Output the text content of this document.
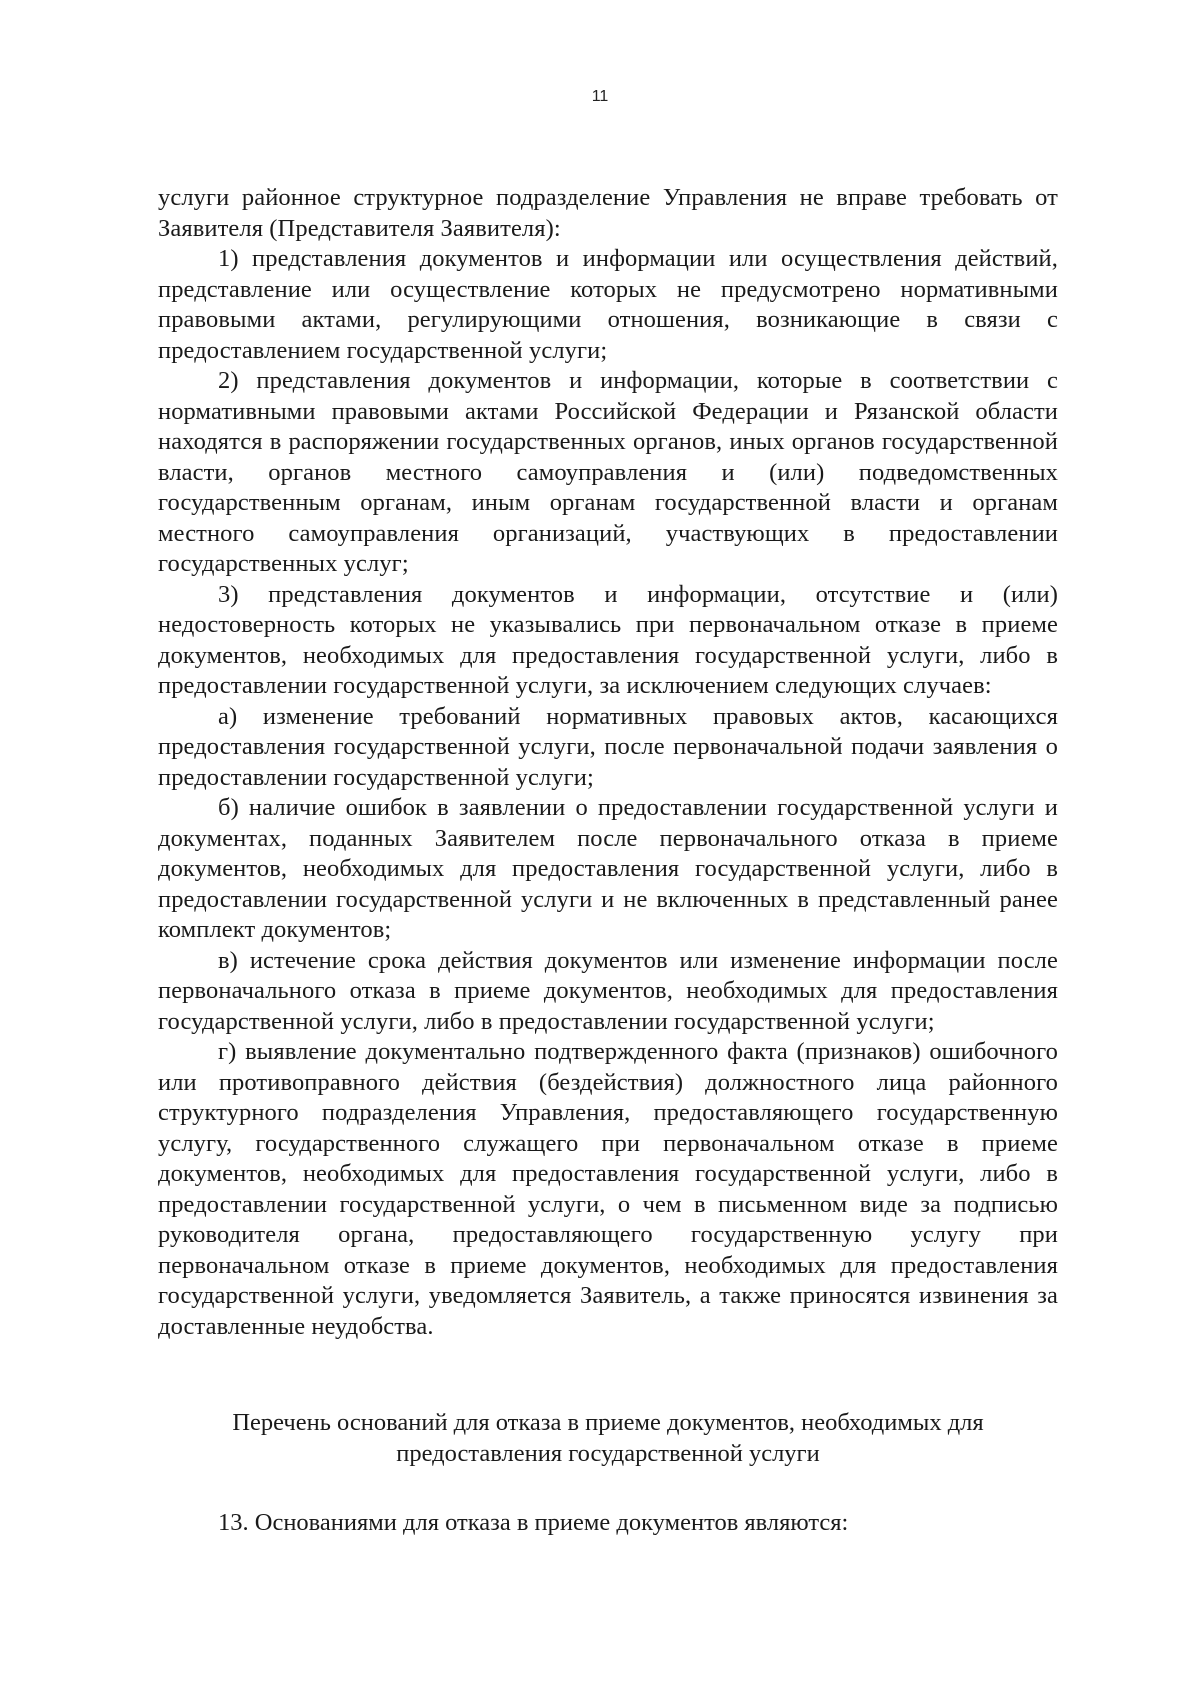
11

услуги районное структурное подразделение Управления не вправе требовать от Заявителя (Представителя Заявителя):

1) представления документов и информации или осуществления действий, представление или осуществление которых не предусмотрено нормативными правовыми актами, регулирующими отношения, возникающие в связи с предоставлением государственной услуги;

2) представления документов и информации, которые в соответствии с нормативными правовыми актами Российской Федерации и Рязанской области находятся в распоряжении государственных органов, иных органов государственной власти, органов местного самоуправления и (или) подведомственных государственным органам, иным органам государственной власти и органам местного самоуправления организаций, участвующих в предоставлении государственных услуг;

3) представления документов и информации, отсутствие и (или) недостоверность которых не указывались при первоначальном отказе в приеме документов, необходимых для предоставления государственной услуги, либо в предоставлении государственной услуги, за исключением следующих случаев:

а) изменение требований нормативных правовых актов, касающихся предоставления государственной услуги, после первоначальной подачи заявления о предоставлении государственной услуги;

б) наличие ошибок в заявлении о предоставлении государственной услуги и документах, поданных Заявителем после первоначального отказа в приеме документов, необходимых для предоставления государственной услуги, либо в предоставлении государственной услуги и не включенных в представленный ранее комплект документов;

в) истечение срока действия документов или изменение информации после первоначального отказа в приеме документов, необходимых для предоставления государственной услуги, либо в предоставлении государственной услуги;

г) выявление документально подтвержденного факта (признаков) ошибочного или противоправного действия (бездействия) должностного лица районного структурного подразделения Управления, предоставляющего государственную услугу, государственного служащего при первоначальном отказе в приеме документов, необходимых для предоставления государственной услуги, либо в предоставлении государственной услуги, о чем в письменном виде за подписью руководителя органа, предоставляющего государственную услугу при первоначальном отказе в приеме документов, необходимых для предоставления государственной услуги, уведомляется Заявитель, а также приносятся извинения за доставленные неудобства.

Перечень оснований для отказа в приеме документов, необходимых для
предоставления государственной услуги

13. Основаниями для отказа в приеме документов являются:
